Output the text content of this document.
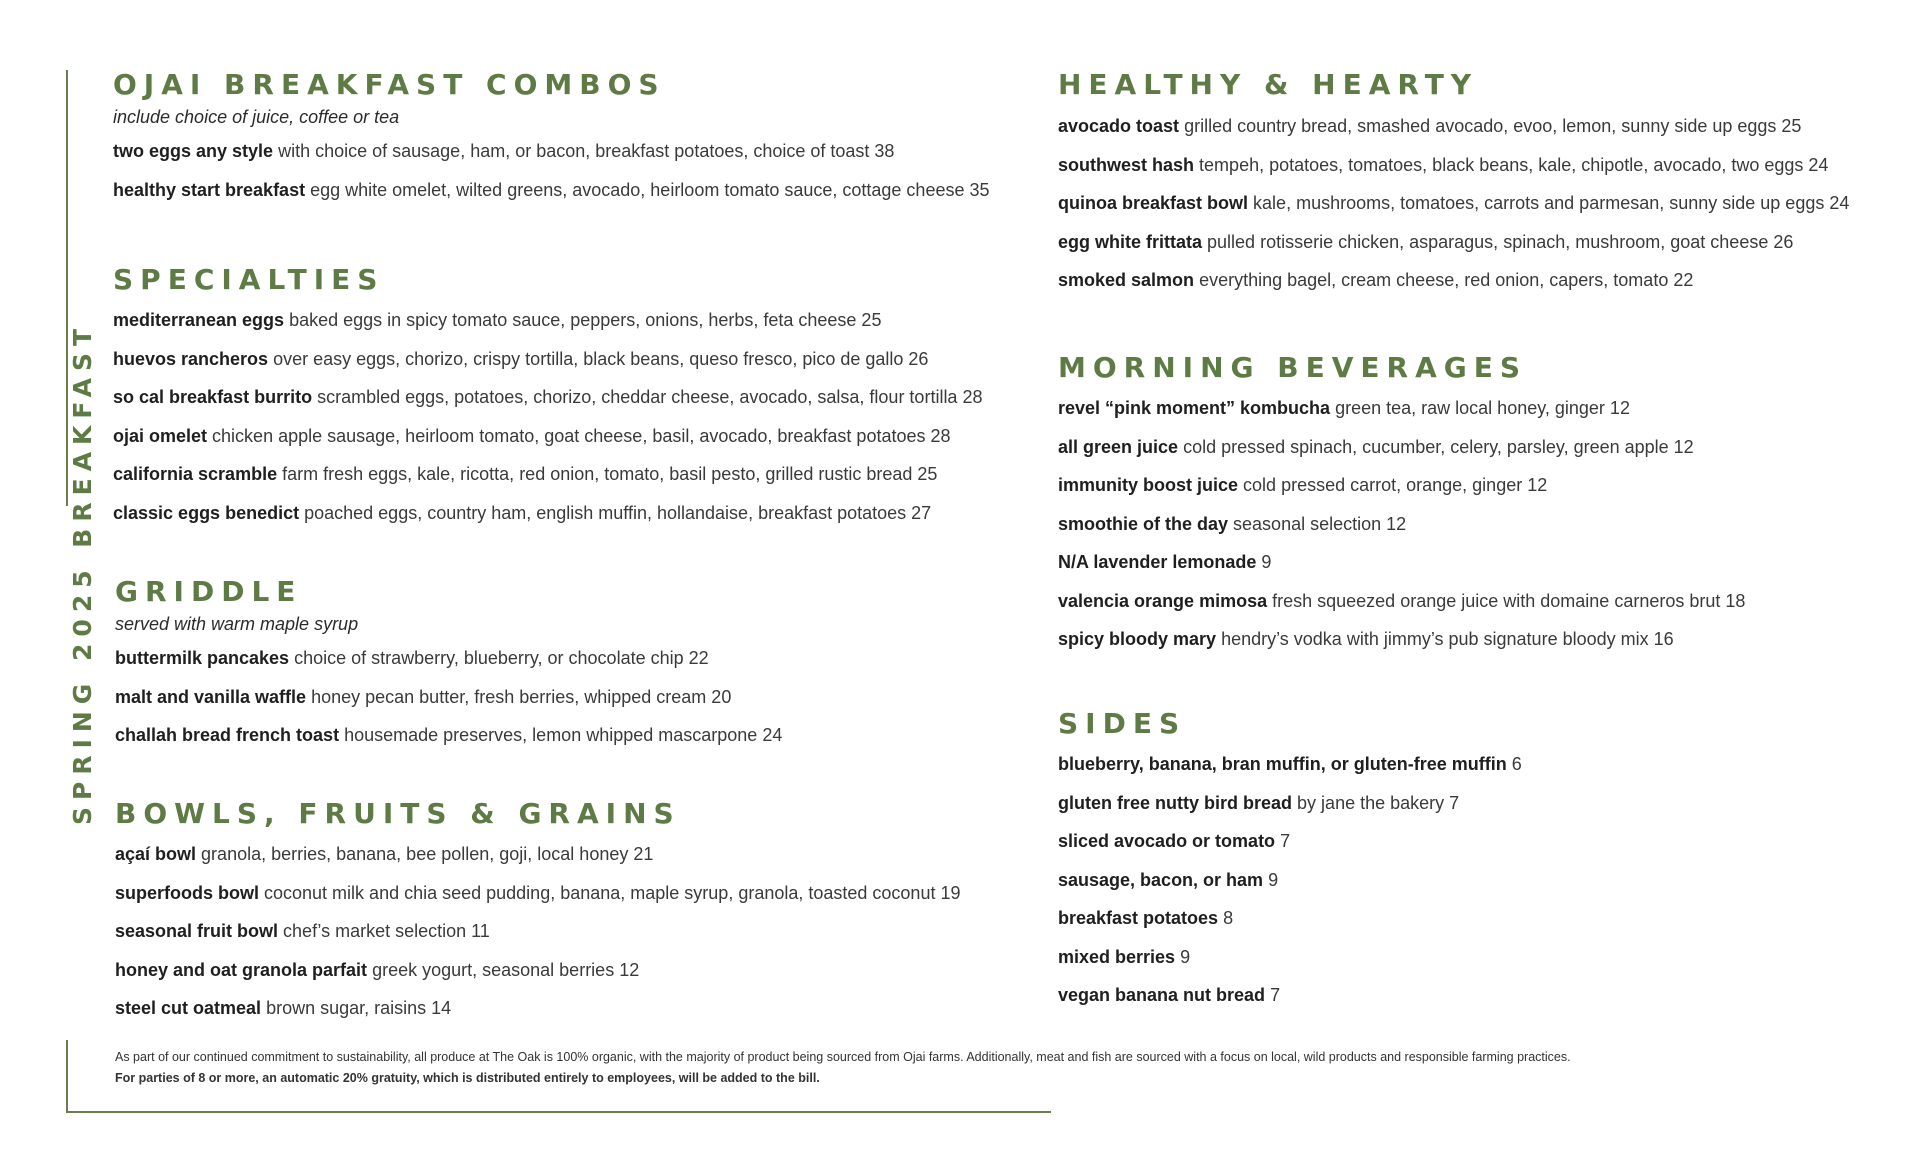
SPRING 2025 BREAKFAST
OJAI BREAKFAST COMBOS
include choice of juice, coffee or tea
two eggs any style with choice of sausage, ham, or bacon, breakfast potatoes, choice of toast 38
healthy start breakfast egg white omelet, wilted greens, avocado, heirloom tomato sauce, cottage cheese 35
SPECIALTIES
mediterranean eggs baked eggs in spicy tomato sauce, peppers, onions, herbs, feta cheese 25
huevos rancheros over easy eggs, chorizo, crispy tortilla, black beans, queso fresco, pico de gallo 26
so cal breakfast burrito scrambled eggs, potatoes, chorizo, cheddar cheese, avocado, salsa, flour tortilla 28
ojai omelet chicken apple sausage, heirloom tomato, goat cheese, basil, avocado, breakfast potatoes 28
california scramble farm fresh eggs, kale, ricotta, red onion, tomato, basil pesto, grilled rustic bread 25
classic eggs benedict poached eggs, country ham, english muffin, hollandaise, breakfast potatoes 27
GRIDDLE
served with warm maple syrup
buttermilk pancakes choice of strawberry, blueberry, or chocolate chip 22
malt and vanilla waffle honey pecan butter, fresh berries, whipped cream 20
challah bread french toast housemade preserves, lemon whipped mascarpone 24
BOWLS, FRUITS & GRAINS
açaí bowl granola, berries, banana, bee pollen, goji, local honey 21
superfoods bowl coconut milk and chia seed pudding, banana, maple syrup, granola, toasted coconut 19
seasonal fruit bowl chef’s market selection 11
honey and oat granola parfait greek yogurt, seasonal berries 12
steel cut oatmeal brown sugar, raisins 14
HEALTHY & HEARTY
avocado toast grilled country bread, smashed avocado, evoo, lemon, sunny side up eggs 25
southwest hash tempeh, potatoes, tomatoes, black beans, kale, chipotle, avocado, two eggs 24
quinoa breakfast bowl kale, mushrooms, tomatoes, carrots and parmesan, sunny side up eggs 24
egg white frittata pulled rotisserie chicken, asparagus, spinach, mushroom, goat cheese 26
smoked salmon everything bagel, cream cheese, red onion, capers, tomato 22
MORNING BEVERAGES
revel “pink moment” kombucha green tea, raw local honey, ginger 12
all green juice cold pressed spinach, cucumber, celery, parsley, green apple 12
immunity boost juice cold pressed carrot, orange, ginger 12
smoothie of the day seasonal selection 12
N/A lavender lemonade 9
valencia orange mimosa fresh squeezed orange juice with domaine carneros brut 18
spicy bloody mary hendry’s vodka with jimmy’s pub signature bloody mix 16
SIDES
blueberry, banana, bran muffin, or gluten-free muffin 6
gluten free nutty bird bread by jane the bakery 7
sliced avocado or tomato 7
sausage, bacon, or ham 9
breakfast potatoes 8
mixed berries 9
vegan banana nut bread 7
As part of our continued commitment to sustainability, all produce at The Oak is 100% organic, with the majority of product being sourced from Ojai farms. Additionally, meat and fish are sourced with a focus on local, wild products and responsible farming practices.
For parties of 8 or more, an automatic 20% gratuity, which is distributed entirely to employees, will be added to the bill.
